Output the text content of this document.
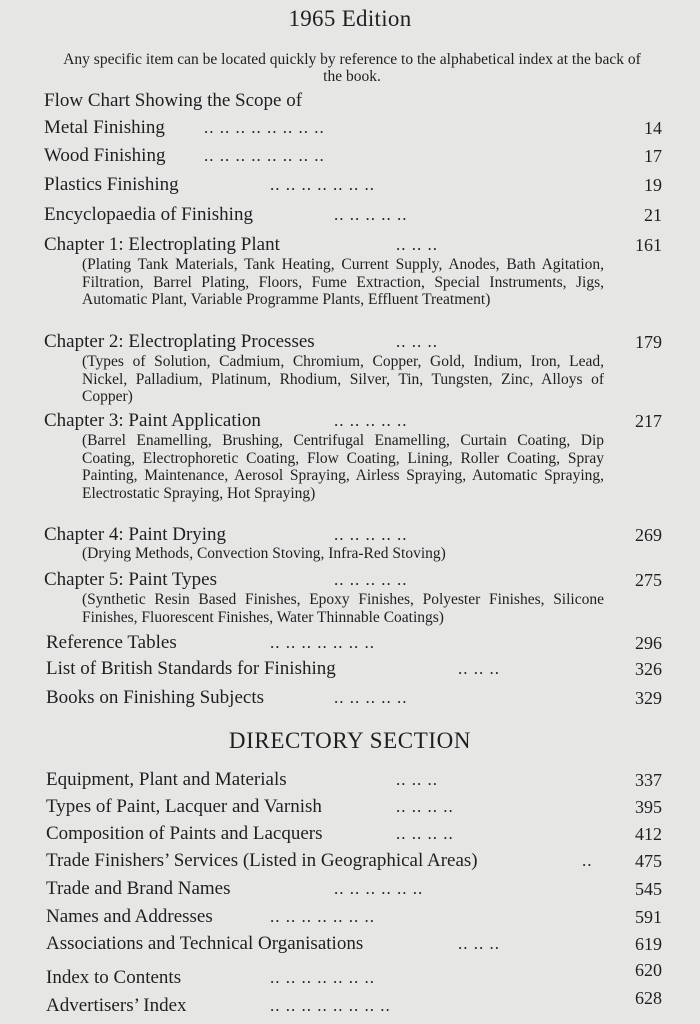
1965 Edition
Any specific item can be located quickly by reference to the alphabetical index at the back of the book.
Flow Chart Showing the Scope of
Metal Finishing .. .. .. .. .. .. .. ..	14
Wood Finishing .. .. .. .. .. .. .. ..	17
Plastics Finishing	.. .. .. .. .. .. ..	19
Encyclopaedia of Finishing	.. .. .. .. ..	21
Chapter 1: Electroplating Plant	.. .. ..	161
(Plating Tank Materials, Tank Heating, Current Supply, Anodes, Bath Agitation, Filtration, Barrel Plating, Floors, Fume Extraction, Special Instruments, Jigs, Automatic Plant, Variable Programme Plants, Effluent Treatment)
Chapter 2: Electroplating Processes	.. .. ..	179
(Types of Solution, Cadmium, Chromium, Copper, Gold, Indium, Iron, Lead, Nickel, Palladium, Platinum, Rhodium, Silver, Tin, Tungsten, Zinc, Alloys of Copper)
Chapter 3: Paint Application	.. .. .. .. ..	217
(Barrel Enamelling, Brushing, Centrifugal Enamelling, Curtain Coating, Dip Coating, Electrophoretic Coating, Flow Coating, Lining, Roller Coating, Spray Painting, Maintenance, Aerosol Spraying, Airless Spraying, Automatic Spraying, Electrostatic Spraying, Hot Spraying)
Chapter 4: Paint Drying	.. .. .. .. ..	269
(Drying Methods, Convection Stoving, Infra-Red Stoving)
Chapter 5: Paint Types	.. .. .. .. ..	275
(Synthetic Resin Based Finishes, Epoxy Finishes, Polyester Finishes, Silicone Finishes, Fluorescent Finishes, Water Thinnable Coatings)
Reference Tables	.. .. .. .. .. .. ..	296
List of British Standards for Finishing	.. .. ..	326
Books on Finishing Subjects	.. .. .. .. ..	329
DIRECTORY SECTION
Equipment, Plant and Materials	.. .. ..	337
Types of Paint, Lacquer and Varnish	.. .. .. ..	395
Composition of Paints and Lacquers	.. .. .. ..	412
Trade Finishers’ Services (Listed in Geographical Areas)	.. 475
Trade and Brand Names	.. .. .. .. .. ..	545
Names and Addresses	.. .. .. .. .. .. ..	591
Associations and Technical Organisations	.. .. ..	619
Index to Contents	.. .. .. .. .. .. ..	620
Advertisers’ Index	.. .. .. .. .. .. .. ..	628
